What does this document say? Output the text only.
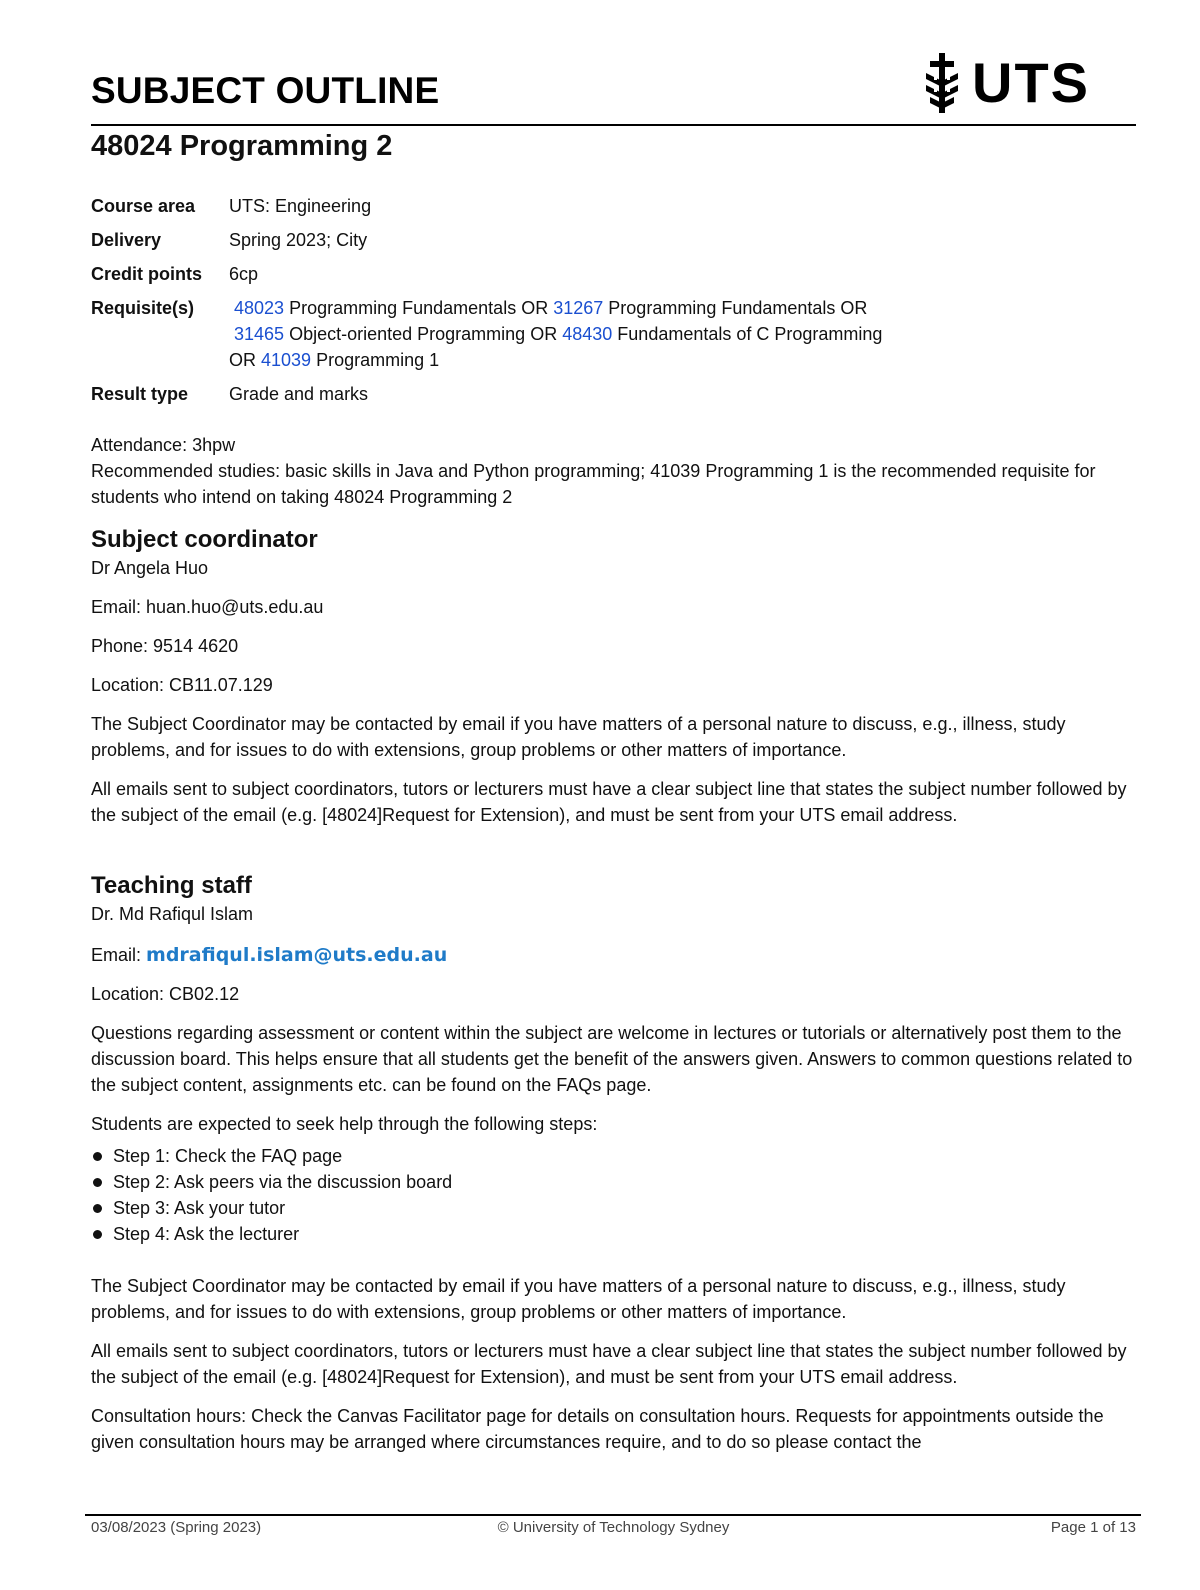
SUBJECT OUTLINE	UTS
48024 Programming 2
Course area	UTS: Engineering
Delivery	Spring 2023; City
Credit points	6cp
Requisite(s)	48023 Programming Fundamentals OR 31267 Programming Fundamentals OR
31465 Object-oriented Programming OR 48430 Fundamentals of C Programming
OR 41039 Programming 1
Result type	Grade and marks

Attendance: 3hpw

Recommended studies: basic skills in Java and Python programming; 41039 Programming 1 is the recommended requisite for students who intend on taking 48024 Programming 2

Subject coordinator

Dr Angela Huo

Email: huan.huo@uts.edu.au

Phone: 9514 4620

Location: CB11.07.129

The Subject Coordinator may be contacted by email if you have matters of a personal nature to discuss, e.g., illness, study problems, and for issues to do with extensions, group problems or other matters of importance.

All emails sent to subject coordinators, tutors or lecturers must have a clear subject line that states the subject number followed by the subject of the email (e.g. [48024]Request for Extension), and must be sent from your UTS email address.

Teaching staff

Dr. Md Rafiqul Islam

Email: mdrafiqul.islam@uts.edu.au

Location: CB02.12

Questions regarding assessment or content within the subject are welcome in lectures or tutorials or alternatively post them to the discussion board. This helps ensure that all students get the benefit of the answers given. Answers to common questions related to the subject content, assignments etc. can be found on the FAQs page.

Students are expected to seek help through the following steps:

Step 1: Check the FAQ page
Step 2: Ask peers via the discussion board
Step 3: Ask your tutor
Step 4: Ask the lecturer

The Subject Coordinator may be contacted by email if you have matters of a personal nature to discuss, e.g., illness, study problems, and for issues to do with extensions, group problems or other matters of importance.

All emails sent to subject coordinators, tutors or lecturers must have a clear subject line that states the subject number followed by the subject of the email (e.g. [48024]Request for Extension), and must be sent from your UTS email address.

Consultation hours: Check the Canvas Facilitator page for details on consultation hours. Requests for appointments outside the given consultation hours may be arranged where circumstances require, and to do so please contact the

03/08/2023 (Spring 2023)	© University of Technology Sydney	Page 1 of 13
